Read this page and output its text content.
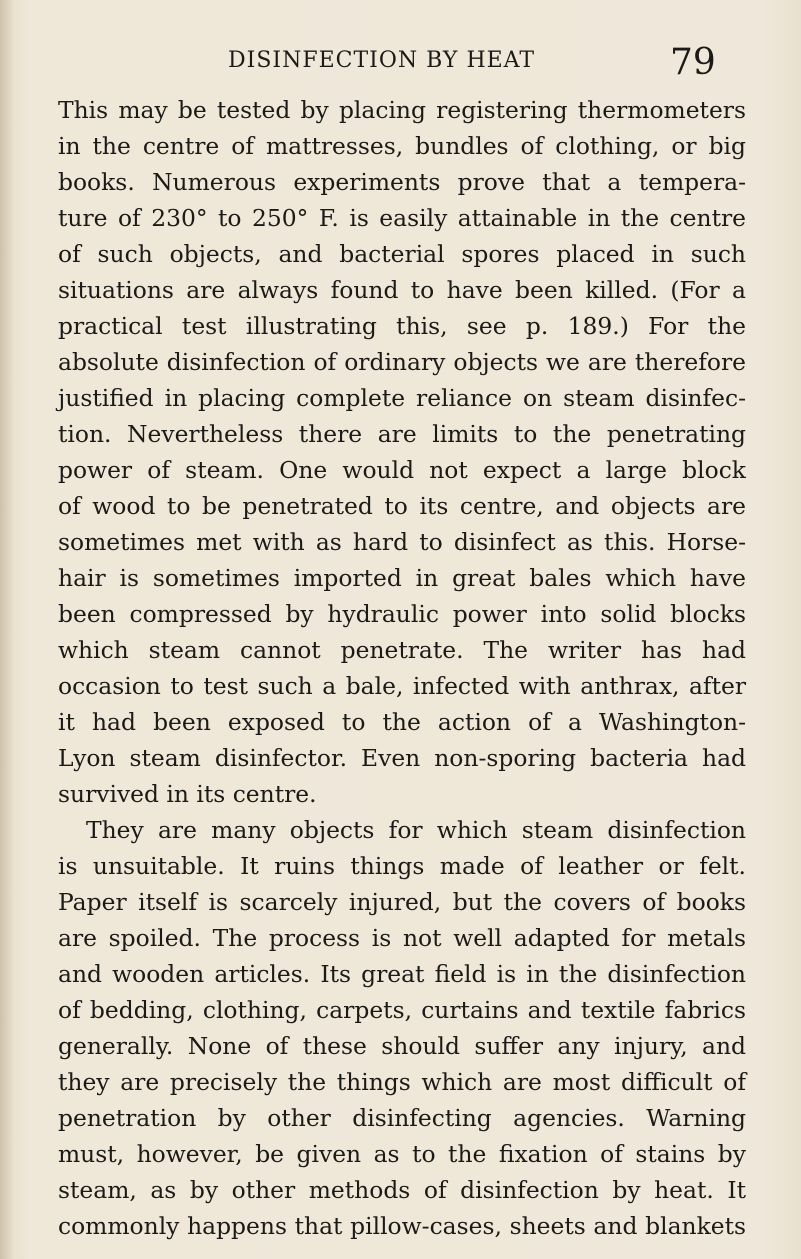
DISINFECTION BY HEAT	79
This may be tested by placing registering thermometers
in the centre of mattresses, bundles of clothing, or big
books. Numerous experiments prove that a tempera-
ture of 230° to 250° F. is easily attainable in the centre
of such objects, and bacterial spores placed in such
situations are always found to have been killed. (For a
practical test illustrating this, see p. 189.) For the
absolute disinfection of ordinary objects we are therefore
justified in placing complete reliance on steam disinfec-
tion. Nevertheless there are limits to the penetrating
power of steam. One would not expect a large block
of wood to be penetrated to its centre, and objects are
sometimes met with as hard to disinfect as this. Horse-
hair is sometimes imported in great bales which have
been compressed by hydraulic power into solid blocks
which steam cannot penetrate. The writer has had
occasion to test such a bale, infected with anthrax, after
it had been exposed to the action of a Washington-
Lyon steam disinfector. Even non-sporing bacteria had
survived in its centre.
They are many objects for which steam disinfection
is unsuitable. It ruins things made of leather or felt.
Paper itself is scarcely injured, but the covers of books
are spoiled. The process is not well adapted for metals
and wooden articles. Its great field is in the disinfection
of bedding, clothing, carpets, curtains and textile fabrics
generally. None of these should suffer any injury, and
they are precisely the things which are most difficult of
penetration by other disinfecting agencies. Warning
must, however, be given as to the fixation of stains by
steam, as by other methods of disinfection by heat. It
commonly happens that pillow-cases, sheets and blankets
